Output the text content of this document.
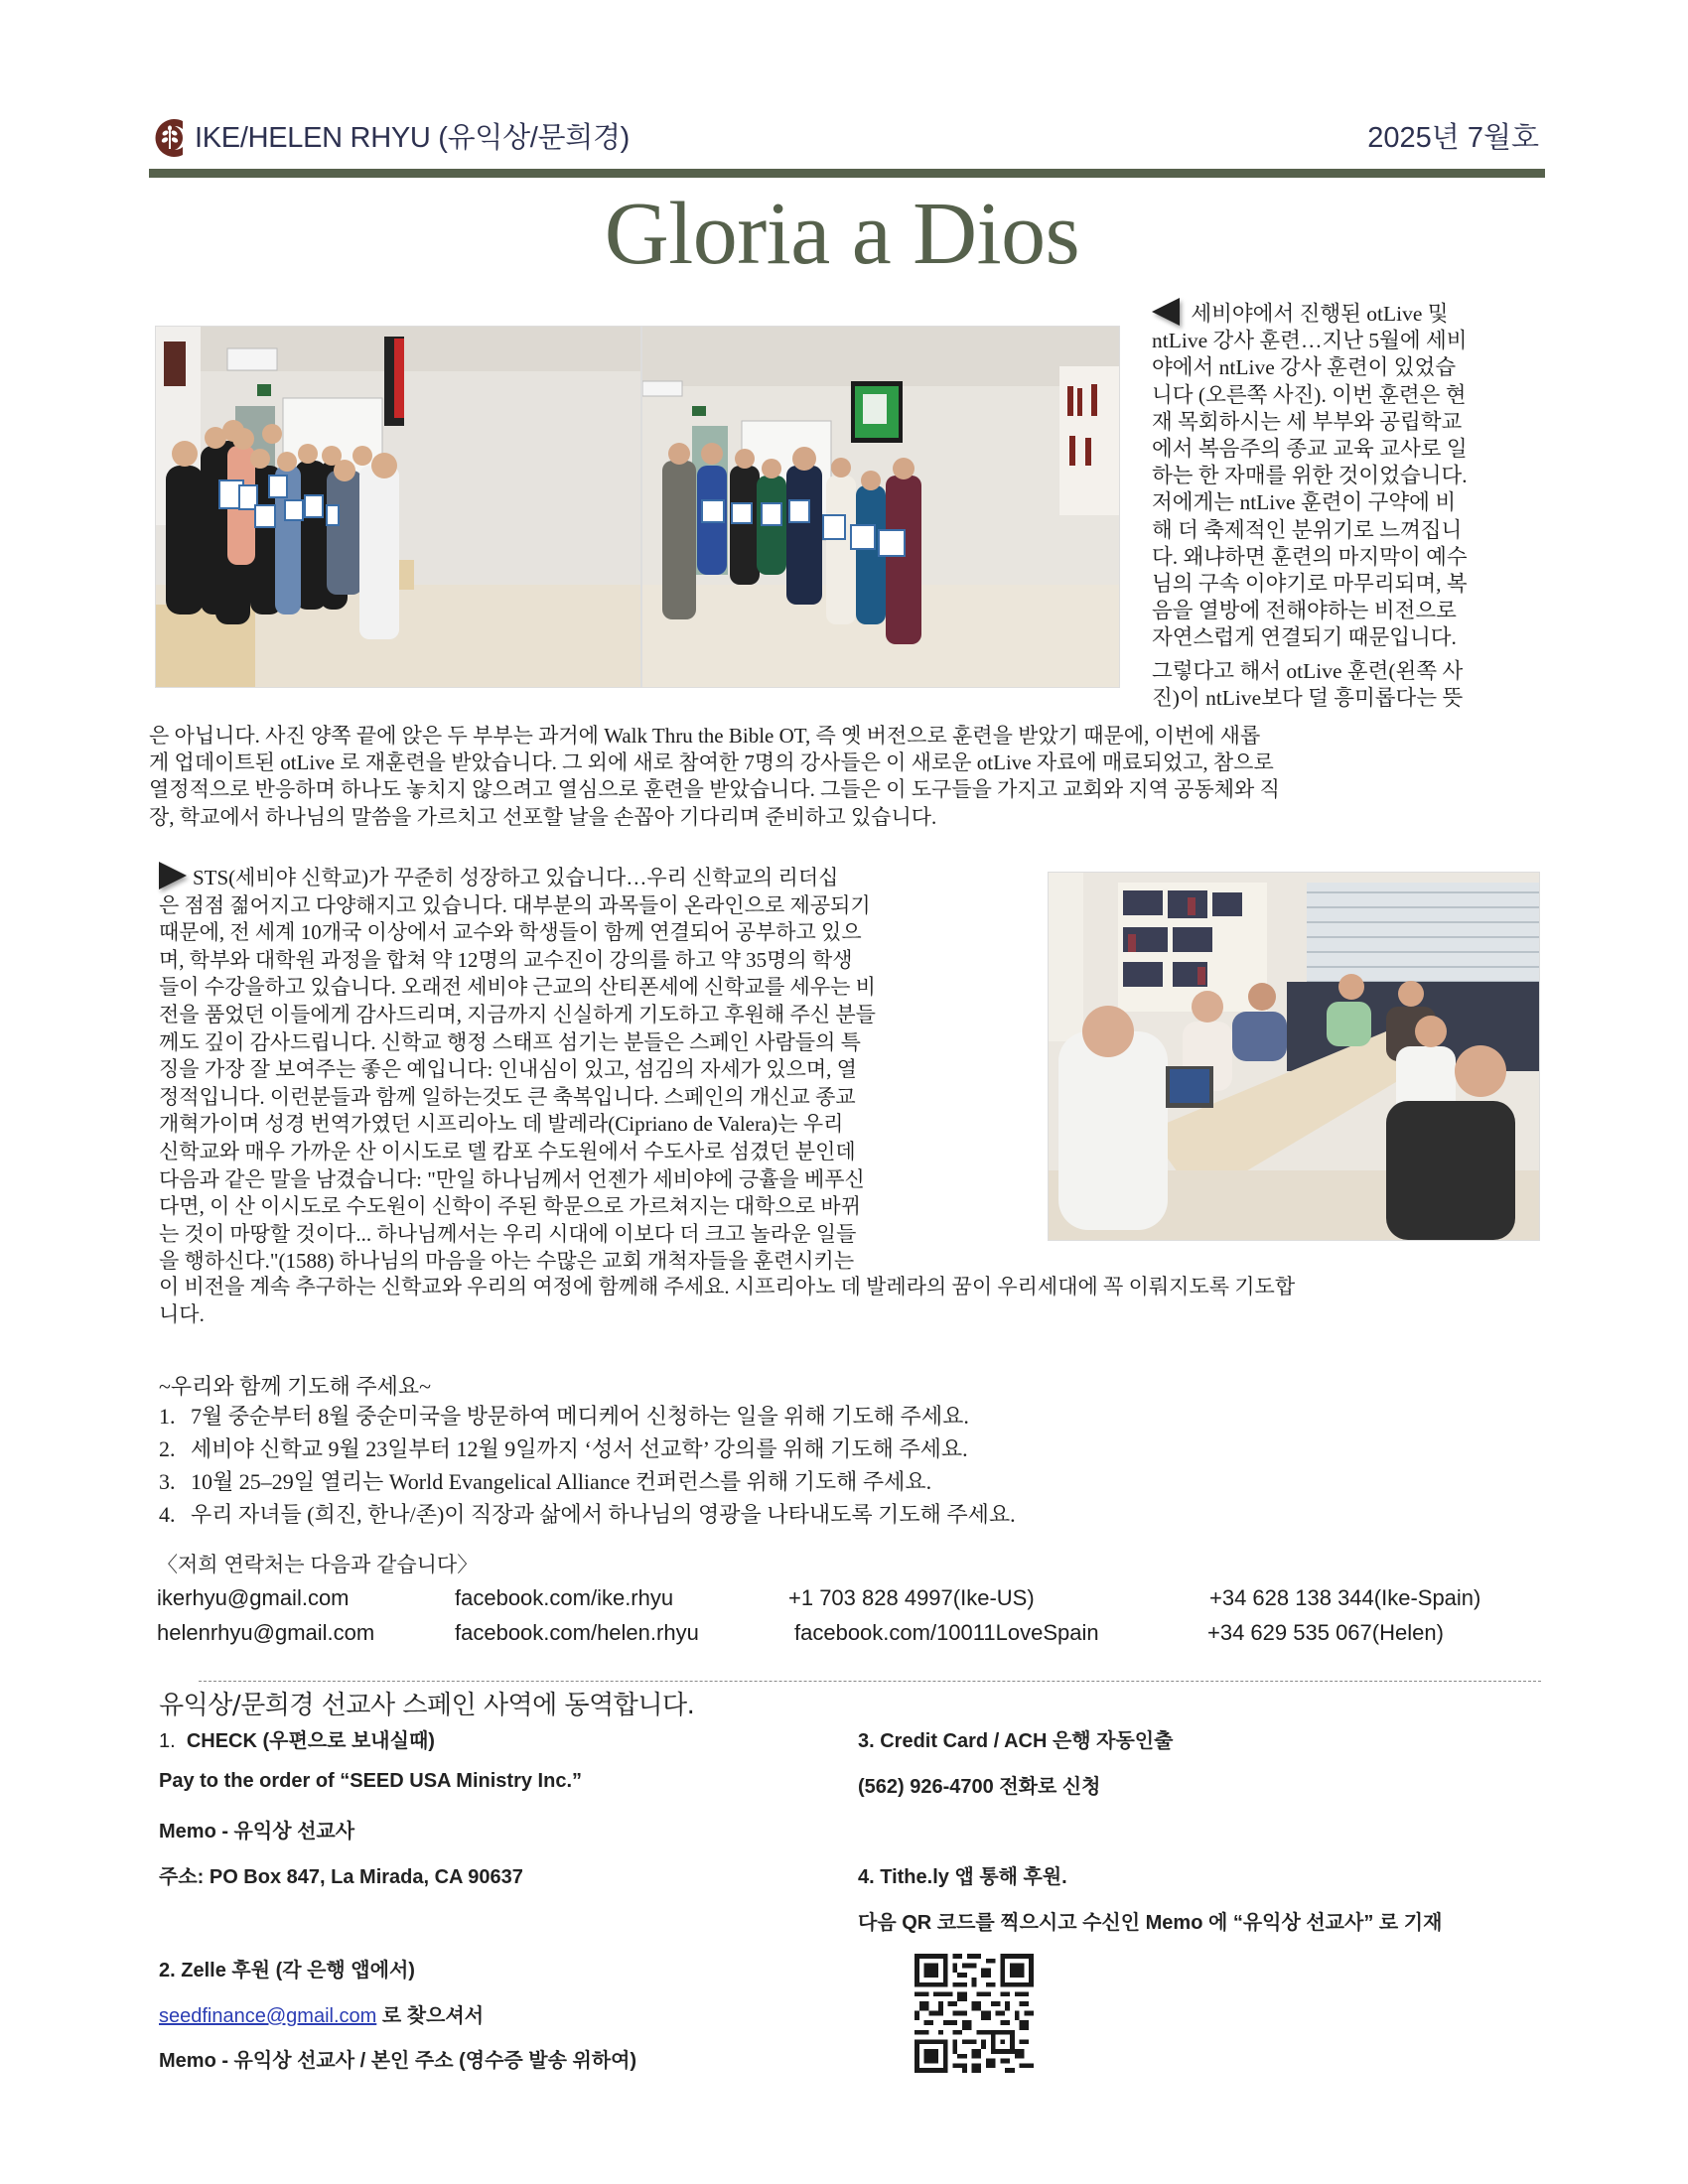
IKE/HELEN RHYU (유익상/문희경)	2025년 7월호
Gloria a Dios
세비야에서 진행된 otLive 및
ntLive 강사 훈련…지난 5월에 세비
야에서 ntLive 강사 훈련이 있었습
니다 (오른쪽 사진). 이번 훈련은 현
재 목회하시는 세 부부와 공립학교
에서 복음주의 종교 교육 교사로 일
하는 한 자매를 위한 것이었습니다.
저에게는 ntLive 훈련이 구약에 비
해 더 축제적인 분위기로 느껴집니
다. 왜냐하면 훈련의 마지막이 예수
님의 구속 이야기로 마무리되며, 복
음을 열방에 전해야하는 비전으로
자연스럽게 연결되기 때문입니다.
그렇다고 해서 otLive 훈련(왼쪽 사
진)이 ntLive보다 덜 흥미롭다는 뜻
은 아닙니다. 사진 양쪽 끝에 앉은 두 부부는 과거에 Walk Thru the Bible OT, 즉 옛 버전으로 훈련을 받았기 때문에, 이번에 새롭
게 업데이트된 otLive 로 재훈련을 받았습니다. 그 외에 새로 참여한 7명의 강사들은 이 새로운 otLive 자료에 매료되었고, 참으로
열정적으로 반응하며 하나도 놓치지 않으려고 열심으로 훈련을 받았습니다. 그들은 이 도구들을 가지고 교회와 지역 공동체와 직
장, 학교에서 하나님의 말씀을 가르치고 선포할 날을 손꼽아 기다리며 준비하고 있습니다.
STS(세비야 신학교)가 꾸준히 성장하고 있습니다…우리 신학교의 리더십
은 점점 젊어지고 다양해지고 있습니다. 대부분의 과목들이 온라인으로 제공되기
때문에, 전 세계 10개국 이상에서 교수와 학생들이 함께 연결되어 공부하고 있으
며, 학부와 대학원 과정을 합쳐 약 12명의 교수진이 강의를 하고 약 35명의 학생
들이 수강을하고 있습니다. 오래전 세비야 근교의 산티폰세에 신학교를 세우는 비
전을 품었던 이들에게 감사드리며, 지금까지 신실하게 기도하고 후원해 주신 분들
께도 깊이 감사드립니다. 신학교 행정 스태프 섬기는 분들은 스페인 사람들의 특
징을 가장 잘 보여주는 좋은 예입니다: 인내심이 있고, 섬김의 자세가 있으며, 열
정적입니다. 이런분들과 함께 일하는것도 큰 축복입니다. 스페인의 개신교 종교
개혁가이며 성경 번역가였던 시프리아노 데 발레라(Cipriano de Valera)는 우리
신학교와 매우 가까운 산 이시도로 델 캄포 수도원에서 수도사로 섬겼던 분인데
다음과 같은 말을 남겼습니다: "만일 하나님께서 언젠가 세비야에 긍휼을 베푸신
다면, 이 산 이시도로 수도원이 신학이 주된 학문으로 가르쳐지는 대학으로 바뀌
는 것이 마땅할 것이다... 하나님께서는 우리 시대에 이보다 더 크고 놀라운 일들
을 행하신다."(1588) 하나님의 마음을 아는 수많은 교회 개척자들을 훈련시키는
이 비전을 계속 추구하는 신학교와 우리의 여정에 함께해 주세요. 시프리아노 데 발레라의 꿈이 우리세대에 꼭 이뤄지도록 기도합
니다.
~우리와 함께 기도해 주세요~
1. 7월 중순부터 8월 중순미국을 방문하여 메디케어 신청하는 일을 위해 기도해 주세요.
2. 세비야 신학교 9월 23일부터 12월 9일까지 ‘성서 선교학’ 강의를 위해 기도해 주세요.
3. 10월 25–29일 열리는 World Evangelical Alliance 컨퍼런스를 위해 기도해 주세요.
4. 우리 자녀들 (희진, 한나/존)이 직장과 삶에서 하나님의 영광을 나타내도록 기도해 주세요.
〈저희 연락처는 다음과 같습니다〉
ikerhyu@gmail.com	facebook.com/ike.rhyu	+1 703 828 4997(Ike-US)	+34 628 138 344(Ike-Spain)
helenrhyu@gmail.com	facebook.com/helen.rhyu	facebook.com/10011LoveSpain	+34 629 535 067(Helen)
유익상/문희경 선교사 스페인 사역에 동역합니다.
1. CHECK (우편으로 보내실때)
Pay to the order of “SEED USA Ministry Inc.”
Memo - 유익상 선교사
주소: PO Box 847, La Mirada, CA 90637
2. Zelle 후원 (각 은행 앱에서)
seedfinance@gmail.com 로 찾으셔서
Memo - 유익상 선교사 / 본인 주소 (영수증 발송 위하여)
3. Credit Card / ACH 은행 자동인출
(562) 926-4700 전화로 신청
4. Tithe.ly 앱 통해 후원.
다음 QR 코드를 찍으시고 수신인 Memo 에 “유익상 선교사” 로 기재
